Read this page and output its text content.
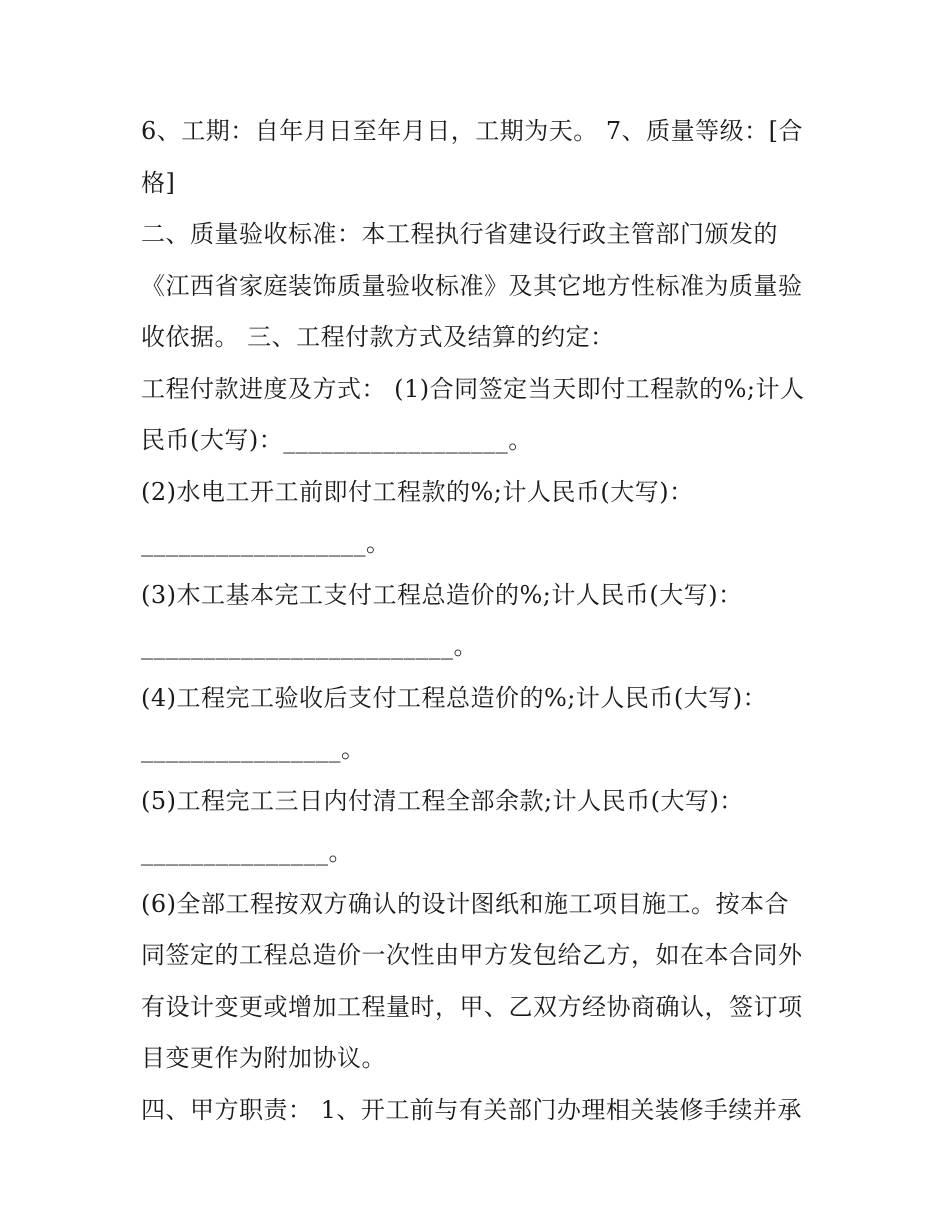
6、工期：自年月日至年月日，工期为天。 7、质量等级：[合
格]
二、质量验收标准：本工程执行省建设行政主管部门颁发的
《江西省家庭装饰质量验收标准》及其它地方性标准为质量验
收依据。 三、工程付款方式及结算的约定：
工程付款进度及方式： (1)合同签定当天即付工程款的%;计人
民币(大写)：__________________。
(2)水电工开工前即付工程款的%;计人民币(大写)：
__________________。
(3)木工基本完工支付工程总造价的%;计人民币(大写)：
_________________________。
(4)工程完工验收后支付工程总造价的%;计人民币(大写)：
________________。
(5)工程完工三日内付清工程全部余款;计人民币(大写)：
_______________。
(6)全部工程按双方确认的设计图纸和施工项目施工。按本合
同签定的工程总造价一次性由甲方发包给乙方，如在本合同外
有设计变更或增加工程量时，甲、乙双方经协商确认，签订项
目变更作为附加协议。
四、甲方职责： 1、开工前与有关部门办理相关装修手续并承
